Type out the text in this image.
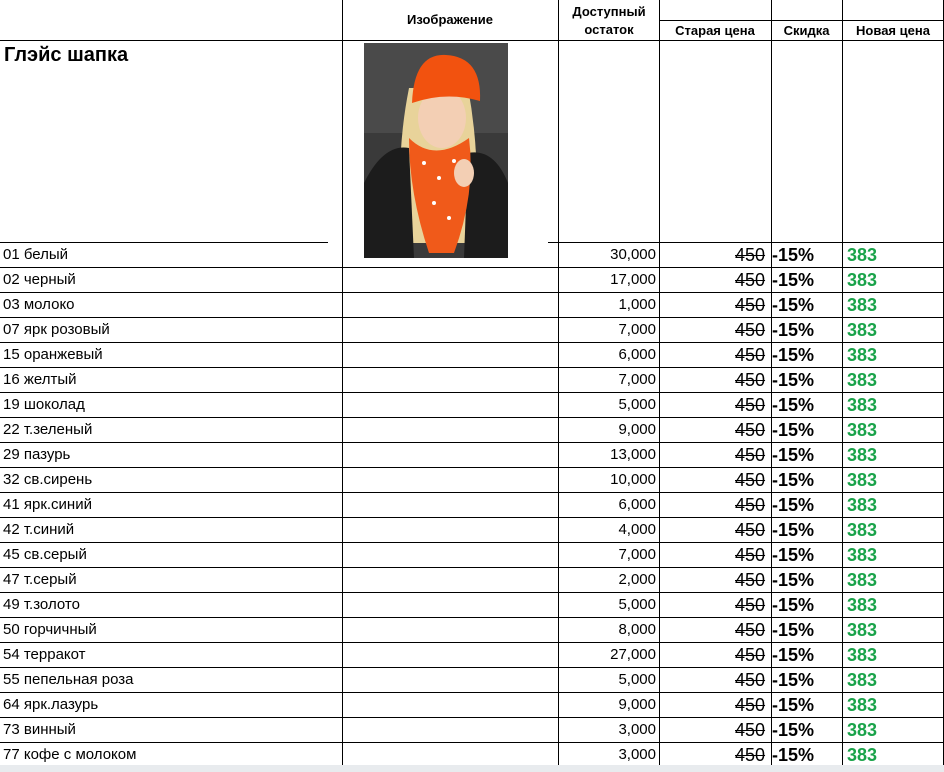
Изображение
Доступный остаток	Старая цена	Скидка	Новая цена
Глэйс шапка
01 белый	30,000	450 -15% 383
02 черный	17,000	450 -15% 383
03 молоко	1,000	450 -15% 383
07 ярк розовый	7,000	450 -15% 383
15 оранжевый	6,000	450 -15% 383
16 желтый	7,000	450 -15% 383
19 шоколад	5,000	450 -15% 383
22 т.зеленый	9,000	450 -15% 383
29 пазурь	13,000	450 -15% 383
32 св.сирень	10,000	450 -15% 383
41 ярк.синий	6,000	450 -15% 383
42 т.синий	4,000	450 -15% 383
45 св.серый	7,000	450 -15% 383
47 т.серый	2,000	450 -15% 383
49 т.золото	5,000	450 -15% 383
50 горчичный	8,000	450 -15% 383
54 терракот	27,000	450 -15% 383
55 пепельная роза	5,000	450 -15% 383
64 ярк.лазурь	9,000	450 -15% 383
73 винный	3,000	450 -15% 383
77 кофе с молоком	3,000	450 -15% 383
